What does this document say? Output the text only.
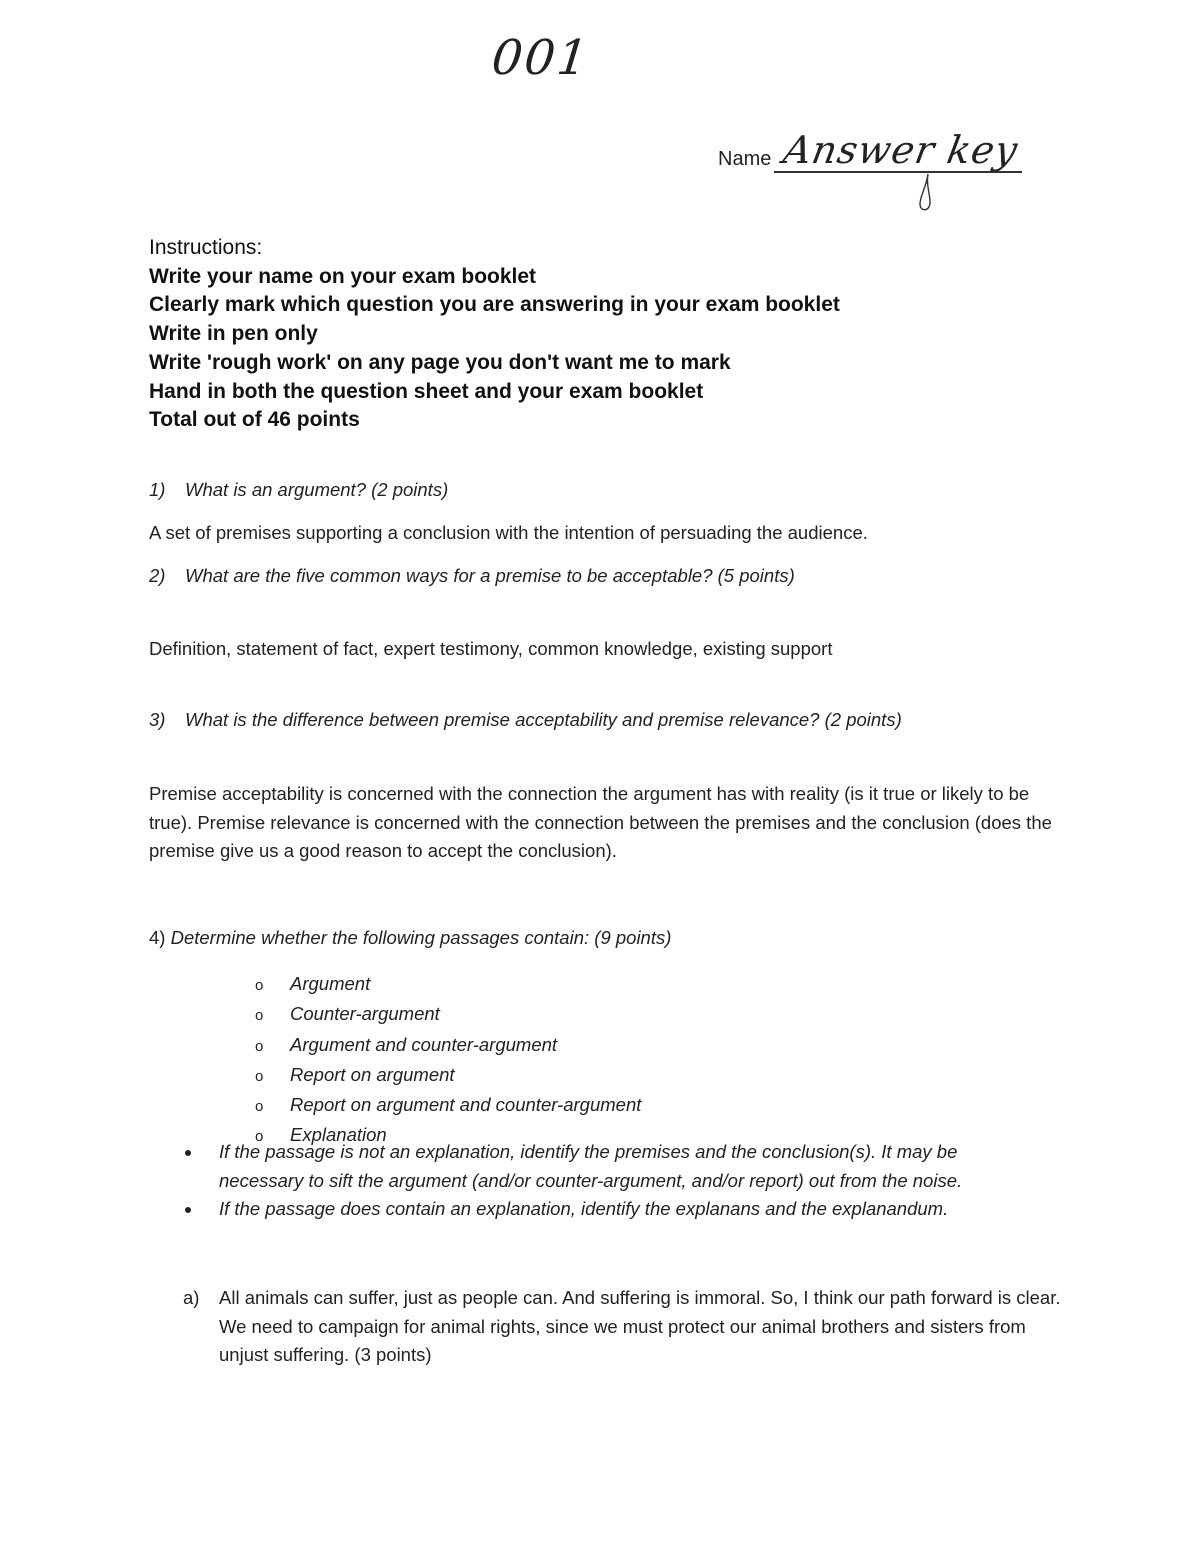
001
Name Answer key
Instructions:
Write your name on your exam booklet
Clearly mark which question you are answering in your exam booklet
Write in pen only
Write 'rough work' on any page you don't want me to mark
Hand in both the question sheet and your exam booklet
Total out of 46 points
1) What is an argument? (2 points)
A set of premises supporting a conclusion with the intention of persuading the audience.
2) What are the five common ways for a premise to be acceptable? (5 points)
Definition, statement of fact, expert testimony, common knowledge, existing support
3) What is the difference between premise acceptability and premise relevance? (2 points)
Premise acceptability is concerned with the connection the argument has with reality (is it true or likely to be true). Premise relevance is concerned with the connection between the premises and the conclusion (does the premise give us a good reason to accept the conclusion).
4) Determine whether the following passages contain: (9 points)
o Argument
o Counter-argument
o Argument and counter-argument
o Report on argument
o Report on argument and counter-argument
o Explanation
If the passage is not an explanation, identify the premises and the conclusion(s). It may be necessary to sift the argument (and/or counter-argument, and/or report) out from the noise.
If the passage does contain an explanation, identify the explanans and the explanandum.
a) All animals can suffer, just as people can. And suffering is immoral. So, I think our path forward is clear. We need to campaign for animal rights, since we must protect our animal brothers and sisters from unjust suffering. (3 points)
